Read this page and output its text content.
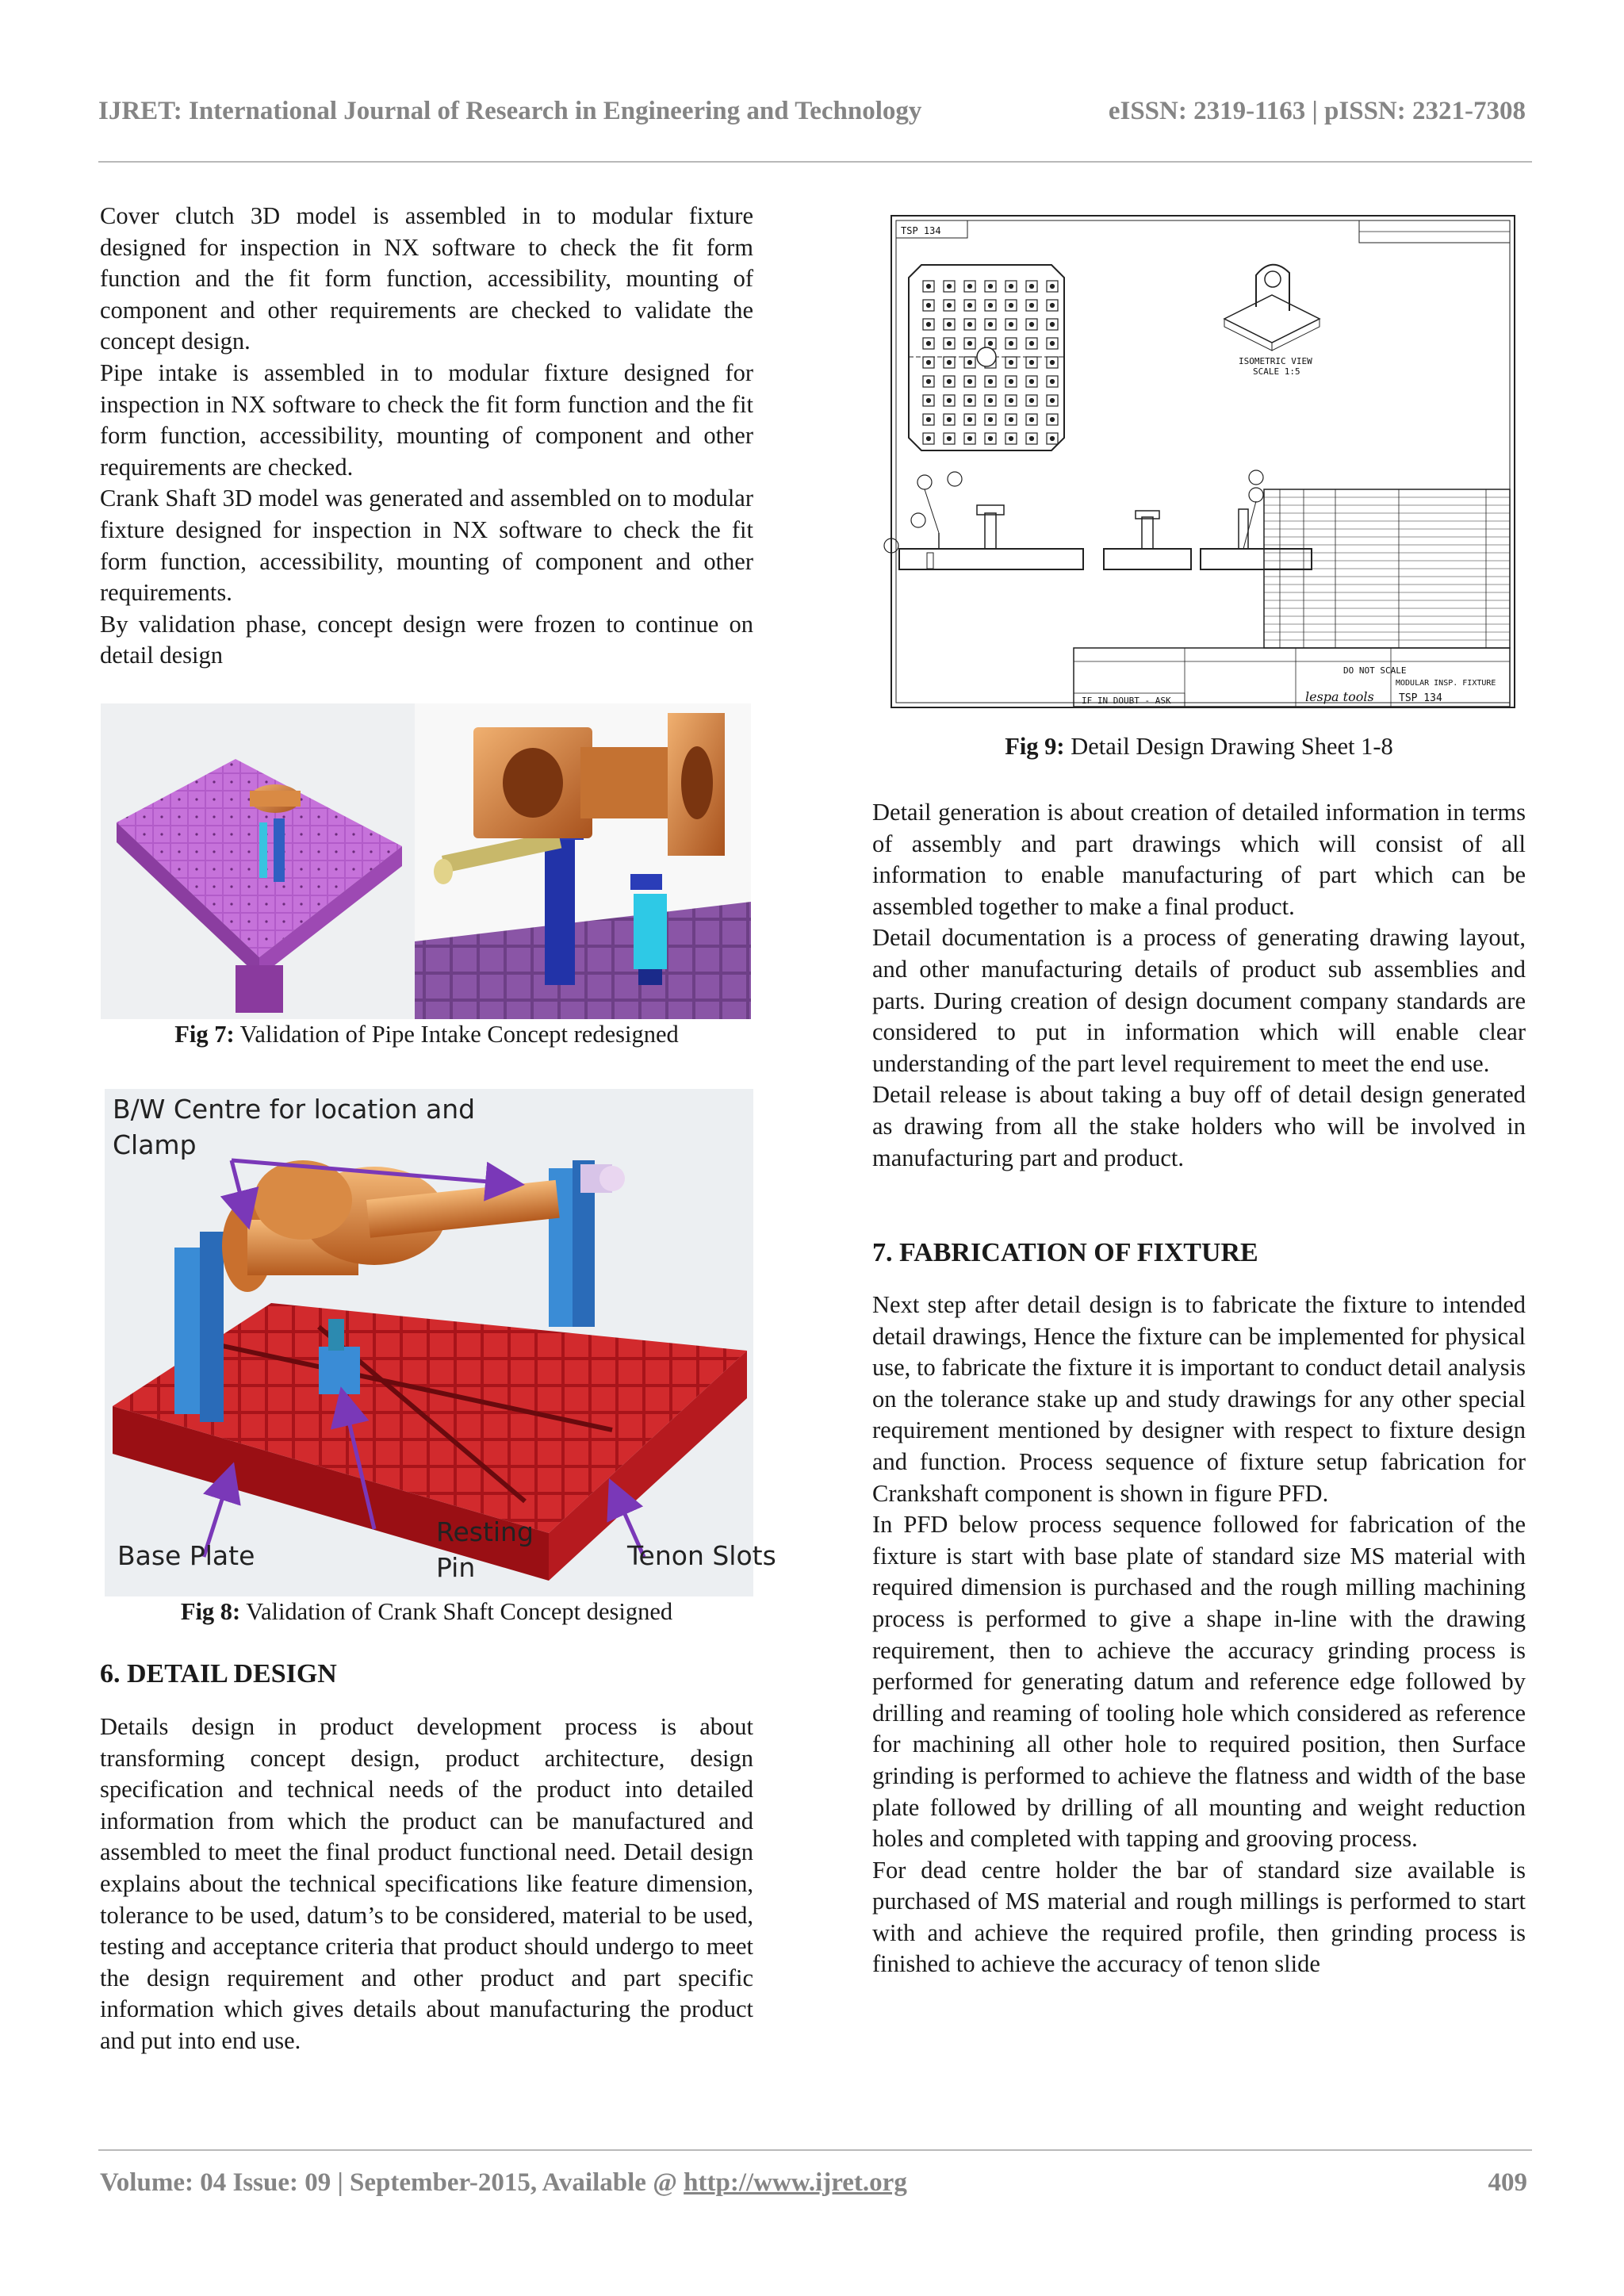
IJRET: International Journal of Research in Engineering and Technology	eISSN: 2319-1163 | pISSN: 2321-7308

Cover clutch 3D model is assembled in to modular fixture designed for inspection in NX software to check the fit form function and the fit form function, accessibility, mounting of component and other requirements are checked to validate the concept design.

Pipe intake is assembled in to modular fixture designed for inspection in NX software to check the fit form function and the fit form function, accessibility, mounting of component and other requirements are checked.

Crank Shaft 3D model was generated and assembled on to modular fixture designed for inspection in NX software to check the fit form function, accessibility, mounting of component and other requirements.

By validation phase, concept design were frozen to continue on detail design

Fig 7: Validation of Pipe Intake Concept redesigned
B/W Centre for location and
Clamp
Base Plate
Resting
Pin	Tenon Slots
Fig 8: Validation of Crank Shaft Concept designed
6. DETAIL DESIGN

Details design in product development process is about transforming concept design, product architecture, design specification and technical needs of the product into detailed information from which the product can be manufactured and assembled to meet the final product functional need. Detail design explains about the technical specifications like feature dimension, tolerance to be used, datum’s to be considered, material to be used, testing and acceptance criteria that product should undergo to meet the design requirement and other product and part specific information which gives details about manufacturing the product and put into end use.

TSP 134
ISOMETRIC VIEW
SCALE 1:5
DO NOT SCALE
MODULAR INSP. FIXTURE
IF IN DOUBT - ASK	lespa tools TSP 134
Fig 9: Detail Design Drawing Sheet 1-8

Detail generation is about creation of detailed information in terms of assembly and part drawings which will consist of all information to enable manufacturing of part which can be assembled together to make a final product.

Detail documentation is a process of generating drawing layout, and other manufacturing details of product sub assemblies and parts. During creation of design document company standards are considered to put in information which will enable clear understanding of the part level requirement to meet the end use.

Detail release is about taking a buy off of detail design generated as drawing from all the stake holders who will be involved in manufacturing part and product.

7. FABRICATION OF FIXTURE

Next step after detail design is to fabricate the fixture to intended detail drawings, Hence the fixture can be implemented for physical use, to fabricate the fixture it is important to conduct detail analysis on the tolerance stake up and study drawings for any other special requirement mentioned by designer with respect to fixture design and function. Process sequence of fixture setup fabrication for Crankshaft component is shown in figure PFD.

In PFD below process sequence followed for fabrication of the fixture is start with base plate of standard size MS material with required dimension is purchased and the rough milling machining process is performed to give a shape in-line with the drawing requirement, then to achieve the accuracy grinding process is performed for generating datum and reference edge followed by drilling and reaming of tooling hole which considered as reference for machining all other hole to required position, then Surface grinding is performed to achieve the flatness and width of the base plate followed by drilling of all mounting and weight reduction holes and completed with tapping and grooving process.

For dead centre holder the bar of standard size available is purchased of MS material and rough millings is performed to start with and achieve the required profile, then grinding process is finished to achieve the accuracy of tenon slide

Volume: 04 Issue: 09 | September-2015, Available @ http://www.ijret.org	409
